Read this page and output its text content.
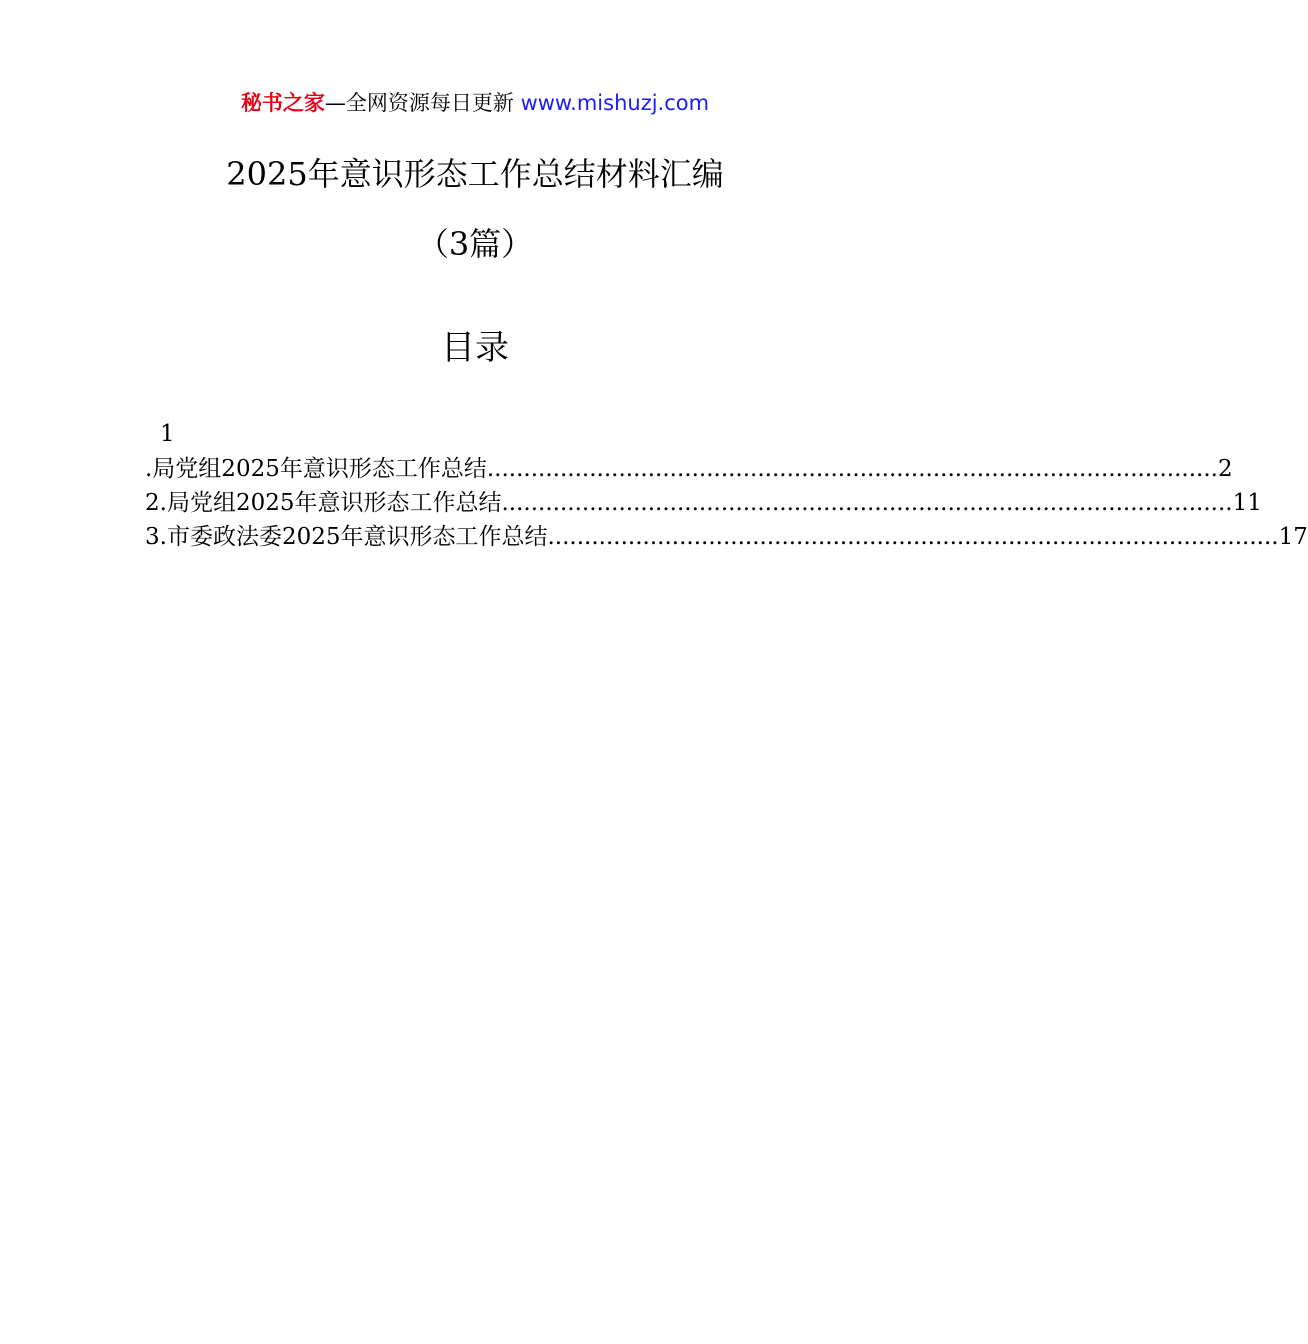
秘书之家—全网资源每日更新 www.mishuzj.com
2025年意识形态工作总结材料汇编
（3篇）
目录
1
.局党组2025年意识形态工作总结 .................................................................................................... 2
2.局党组2025年意识形态工作总结 .................................................................................................... 11
3.市委政法委2025年意识形态工作总结 .................................................................................................... 17
